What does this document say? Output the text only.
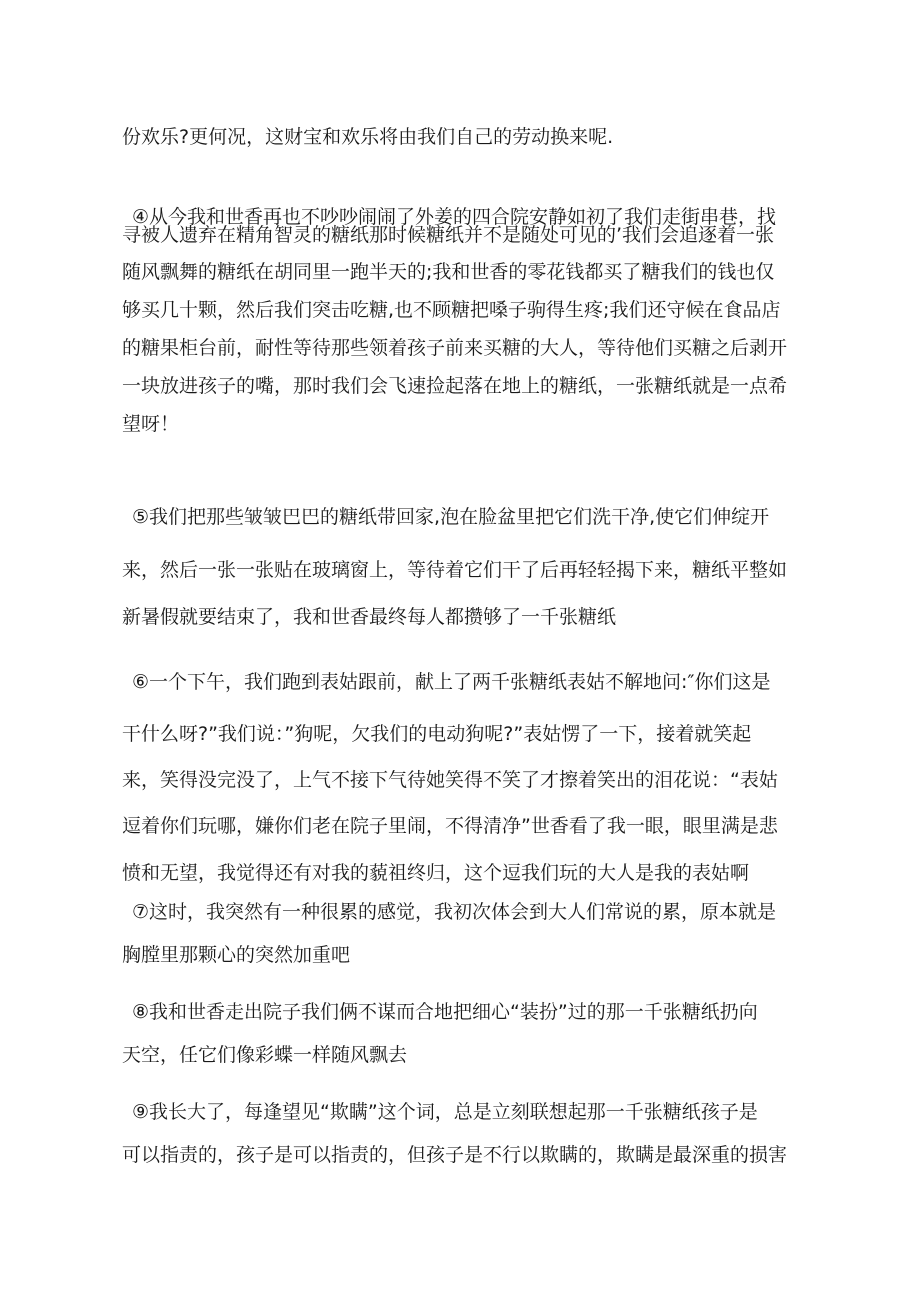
份欢乐?更何况，这财宝和欢乐将由我们自己的劳动换来呢.
④从今我和世香再也不吵吵闹闹了外姜的四合院安静如初了我们走街串巷，找
寻被人遗弃在精角智灵的糖纸那时候糖纸并不是随处可见的’我们会追逐着一张
随风飘舞的糖纸在胡同里一跑半天的;我和世香的零花钱都买了糖我们的钱也仅
够买几十颗，然后我们突击吃糖,也不顾糖把嗓子驹得生疼;我们还守候在食品店
的糖果柜台前，耐性等待那些领着孩子前来买糖的大人，等待他们买糖之后剥开
一块放进孩子的嘴，那时我们会飞速捡起落在地上的糖纸，一张糖纸就是一点希
望呀！
⑤我们把那些皱皱巴巴的糖纸带回家,泡在脸盆里把它们洗干净,使它们伸绽开
来，然后一张一张贴在玻璃窗上，等待着它们干了后再轻轻揭下来，糖纸平整如
新暑假就要结束了，我和世香最终每人都攒够了一千张糖纸
⑥一个下午，我们跑到表姑跟前，献上了两千张糖纸表姑不解地问:″你们这是
干什么呀?”我们说：”狗呢，欠我们的电动狗呢?”表姑愣了一下，接着就笑起
来，笑得没完没了，上气不接下气待她笑得不笑了才擦着笑出的泪花说：“表姑
逗着你们玩哪，嫌你们老在院子里闹，不得清净”世香看了我一眼，眼里满是悲
愤和无望，我觉得还有对我的藐祖终归，这个逗我们玩的大人是我的表姑啊
⑦这时，我突然有一种很累的感觉，我初次体会到大人们常说的累，原本就是
胸膛里那颗心的突然加重吧
⑧我和世香走出院子我们俩不谋而合地把细心“装扮”过的那一千张糖纸扔向
天空，任它们像彩蝶一样随风飘去
⑨我长大了，每逢望见“欺瞒”这个词，总是立刻联想起那一千张糖纸孩子是
可以指责的，孩子是可以指责的，但孩子是不行以欺瞒的，欺瞒是最深重的损害
